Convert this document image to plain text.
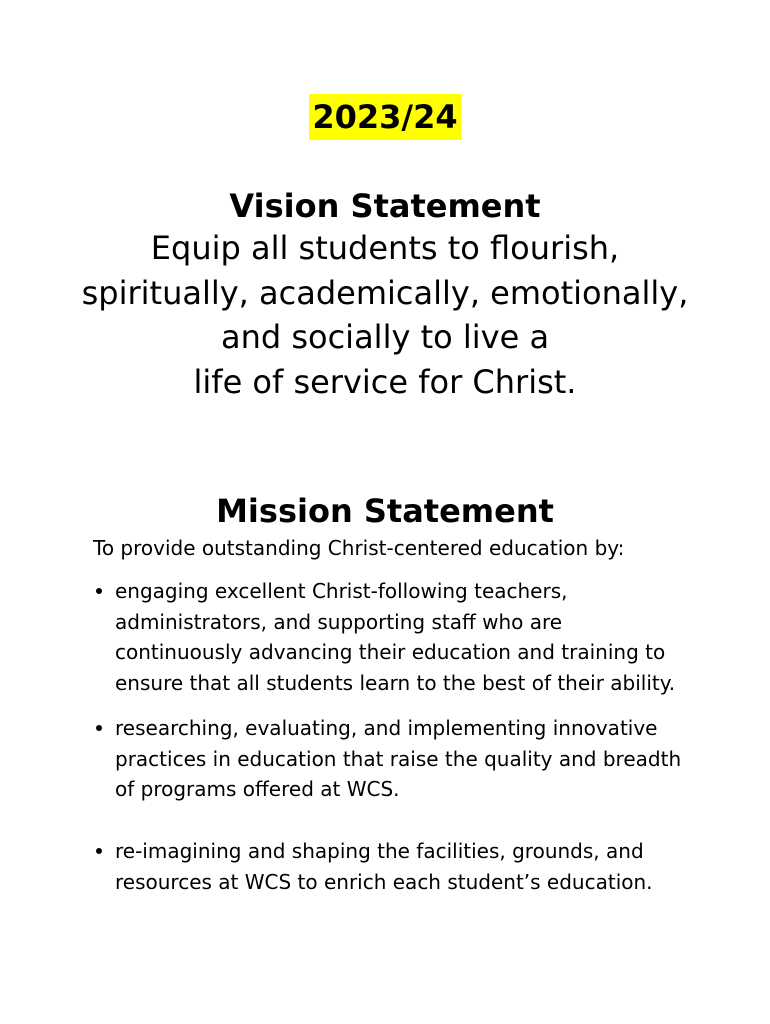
2023/24
Vision Statement
Equip all students to flourish,
spiritually, academically, emotionally,
and socially to live a
life of service for Christ.
Mission Statement
To provide outstanding Christ-centered education by:
engaging excellent Christ-following teachers,
administrators, and supporting staff who are
continuously advancing their education and training to
ensure that all students learn to the best of their ability.
researching, evaluating, and implementing innovative
practices in education that raise the quality and breadth
of programs offered at WCS.
re-imagining and shaping the facilities, grounds, and
resources at WCS to enrich each student’s education.
